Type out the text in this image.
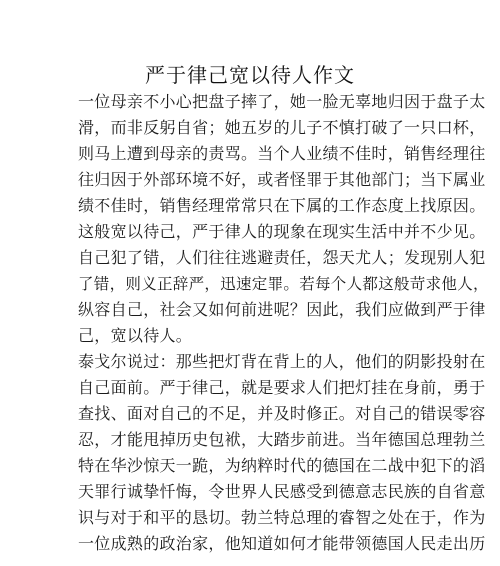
严于律己宽以待人作文
一位母亲不小心把盘子摔了，她一脸无辜地归因于盘子太
滑，而非反躬自省；她五岁的儿子不慎打破了一只口杯，
则马上遭到母亲的责骂。当个人业绩不佳时，销售经理往
往归因于外部环境不好，或者怪罪于其他部门；当下属业
绩不佳时，销售经理常常只在下属的工作态度上找原因。
这般宽以待己，严于律人的现象在现实生活中并不少见。
自己犯了错，人们往往逃避责任，怨天尤人；发现别人犯
了错，则义正辞严，迅速定罪。若每个人都这般苛求他人，
纵容自己，社会又如何前进呢？因此，我们应做到严于律
己，宽以待人。
泰戈尔说过：那些把灯背在背上的人，他们的阴影投射在
自己面前。严于律己，就是要求人们把灯挂在身前，勇于
查找、面对自己的不足，并及时修正。对自己的错误零容
忍，才能甩掉历史包袱，大踏步前进。当年德国总理勃兰
特在华沙惊天一跪，为纳粹时代的德国在二战中犯下的滔
天罪行诚挚忏悔，令世界人民感受到德意志民族的自省意
识与对于和平的恳切。勃兰特总理的睿智之处在于，作为
一位成熟的政治家，他知道如何才能带领德国人民走出历
